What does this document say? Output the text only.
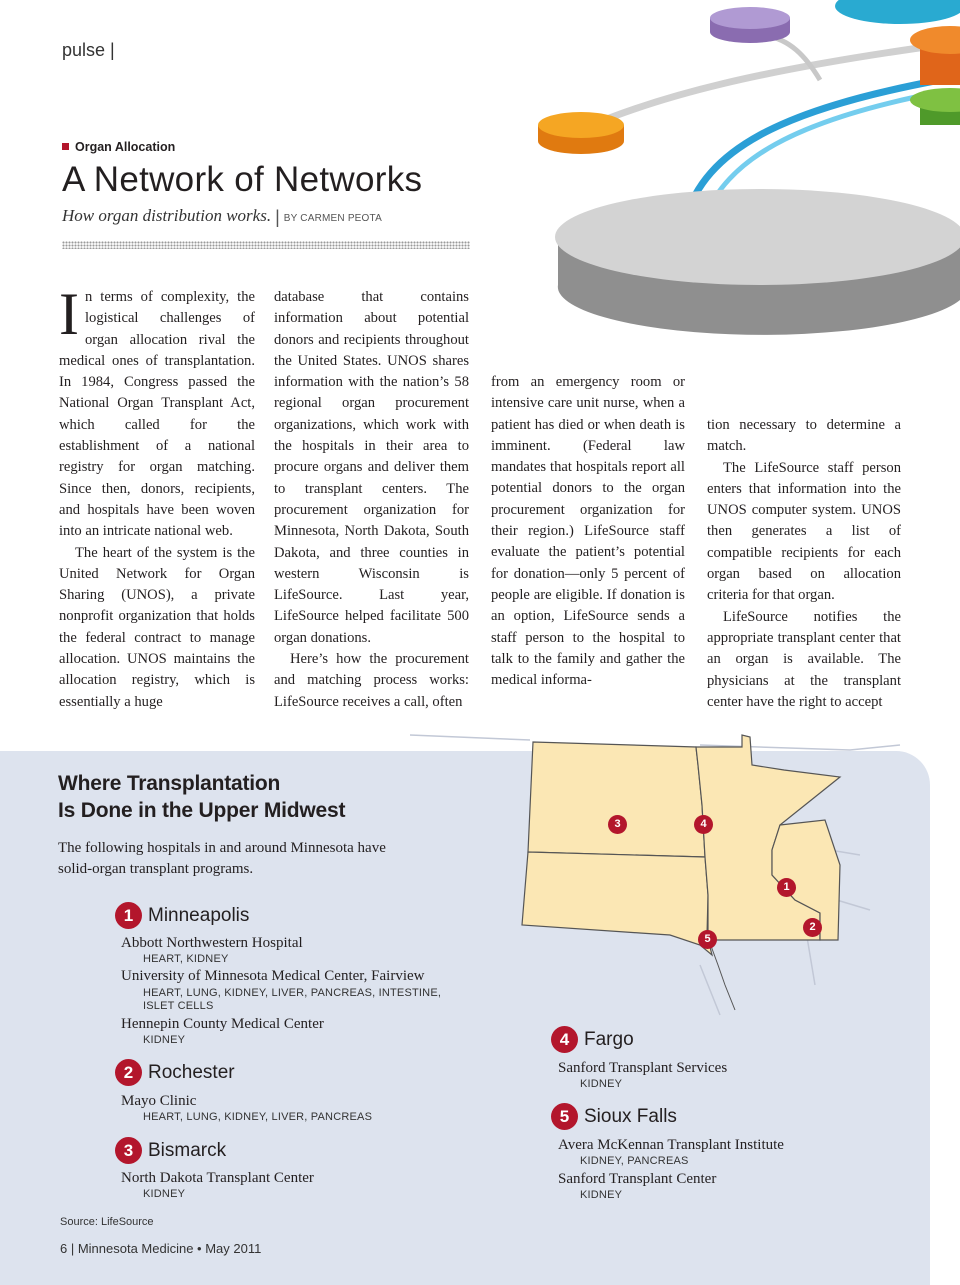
pulse |
Organ Allocation
A Network of Networks
How organ distribution works. | BY CARMEN PEOTA

In terms of complexity, the logistical challenges of organ allocation rival the medical ones of transplantation. In 1984, Congress passed the National Organ Transplant Act, which called for the establishment of a national registry for organ matching. Since then, donors, recipients, and hospitals have been woven into an intricate national web.

The heart of the system is the United Network for Organ Sharing (UNOS), a private nonprofit organization that holds the federal contract to manage allocation. UNOS maintains the allocation registry, which is essentially a huge

database that contains information about potential donors and recipients throughout the United States. UNOS shares information with the nation’s 58 regional organ procurement organizations, which work with the hospitals in their area to procure organs and deliver them to transplant centers. The procurement organization for Minnesota, North Dakota, South Dakota, and three counties in western Wisconsin is LifeSource. Last year, LifeSource helped facilitate 500 organ donations.

Here’s how the procurement and matching process works: LifeSource receives a call, often

from an emergency room or intensive care unit nurse, when a patient has died or when death is imminent. (Federal law mandates that hospitals report all potential donors to the organ procurement organization for their region.) LifeSource staff evaluate the patient’s potential for donation—only 5 percent of people are eligible. If donation is an option, LifeSource sends a staff person to the hospital to talk to the family and gather the medical informa-

tion necessary to determine a match.

The LifeSource staff person enters that information into the UNOS computer system. UNOS then generates a list of compatible recipients for each organ based on allocation criteria for that organ.

LifeSource notifies the appropriate transplant center that an organ is available. The physicians at the transplant center have the right to accept

3	4
1
2
5
Where Transplantation
Is Done in the Upper Midwest
The following hospitals in and around Minnesota have solid-organ transplant programs.
1 Minneapolis
Abbott Northwestern Hospital
HEART, KIDNEY
University of Minnesota Medical Center, Fairview
HEART, LUNG, KIDNEY, LIVER, PANCREAS, INTESTINE, ISLET CELLS
Hennepin County Medical Center
KIDNEY
2 Rochester
Mayo Clinic
HEART, LUNG, KIDNEY, LIVER, PANCREAS
3 Bismarck
North Dakota Transplant Center
KIDNEY
4 Fargo
Sanford Transplant Services
KIDNEY
5 Sioux Falls
Avera McKennan Transplant Institute
KIDNEY, PANCREAS
Sanford Transplant Center
KIDNEY
Source: LifeSource
6 | Minnesota Medicine • May 2011
